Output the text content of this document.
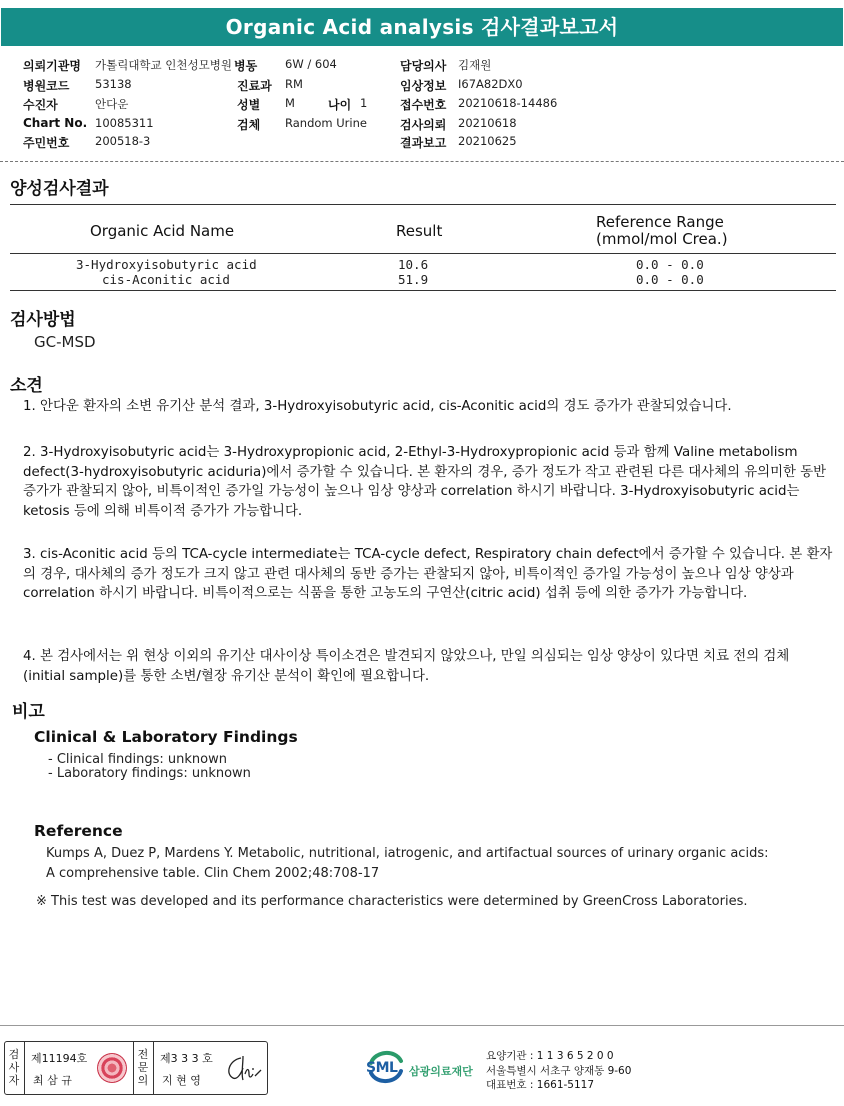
Organic Acid analysis 검사결과보고서
의뢰기관명 가톨릭대학교 인천성모병원
병원코드 53138
수진자	안다운
Chart No. 10085311
주민번호 200518-3
병동 6W / 604
진료과 RM
성별 M	나이 1
검체 Random Urine
담당의사 김재원
임상정보 I67A82DX0
접수번호 20210618-14486
검사의뢰 20210618
결과보고 20210625
양성검사결과
Organic Acid Name	Result	Reference Range
(mmol/mol Crea.)
3-Hydroxyisobutyric acid	10.6	0.0 - 0.0
cis-Aconitic acid	51.9	0.0 - 0.0
검사방법
GC-MSD
소견
1. 안다운 환자의 소변 유기산 분석 결과, 3-Hydroxyisobutyric acid, cis-Aconitic acid의 경도 증가가 관찰되었습니다.
2. 3-Hydroxyisobutyric acid는 3-Hydroxypropionic acid, 2-Ethyl-3-Hydroxypropionic acid 등과 함께 Valine metabolism defect(3-hydroxyisobutyric aciduria)에서 증가할 수 있습니다. 본 환자의 경우, 증가 정도가 작고 관련된 다른 대사체의 유의미한 동반 증가가 관찰되지 않아, 비특이적인 증가일 가능성이 높으나 임상 양상과 correlation 하시기 바랍니다. 3-Hydroxyisobutyric acid는 ketosis 등에 의해 비특이적 증가가 가능합니다.
3. cis-Aconitic acid 등의 TCA-cycle intermediate는 TCA-cycle defect, Respiratory chain defect에서 증가할 수 있습니다. 본 환자의 경우, 대사체의 증가 정도가 크지 않고 관련 대사체의 동반 증가는 관찰되지 않아, 비특이적인 증가일 가능성이 높으나 임상 양상과 correlation 하시기 바랍니다. 비특이적으로는 식품을 통한 고농도의 구연산(citric acid) 섭취 등에 의한 증가가 가능합니다.
4. 본 검사에서는 위 현상 이외의 유기산 대사이상 특이소견은 발견되지 않았으나, 만일 의심되는 임상 양상이 있다면 치료 전의 검체 (initial sample)를 통한 소변/혈장 유기산 분석이 확인에 필요합니다.
비고
Clinical & Laboratory Findings
- Clinical findings: unknown
- Laboratory findings: unknown
Reference
Kumps A, Duez P, Mardens Y. Metabolic, nutritional, iatrogenic, and artifactual sources of urinary organic acids:
A comprehensive table. Clin Chem 2002;48:708-17
※ This test was developed and its performance characteristics were determined by GreenCross Laboratories.
검
사
자
제11194호
최 삼 규
전
문
의
제3 3 3 호
지 현 영
SML 삼광의료재단
요양기관 : 1 1 3 6 5 2 0 0
서울특별시 서초구 양재동 9-60
대표번호 : 1661-5117
